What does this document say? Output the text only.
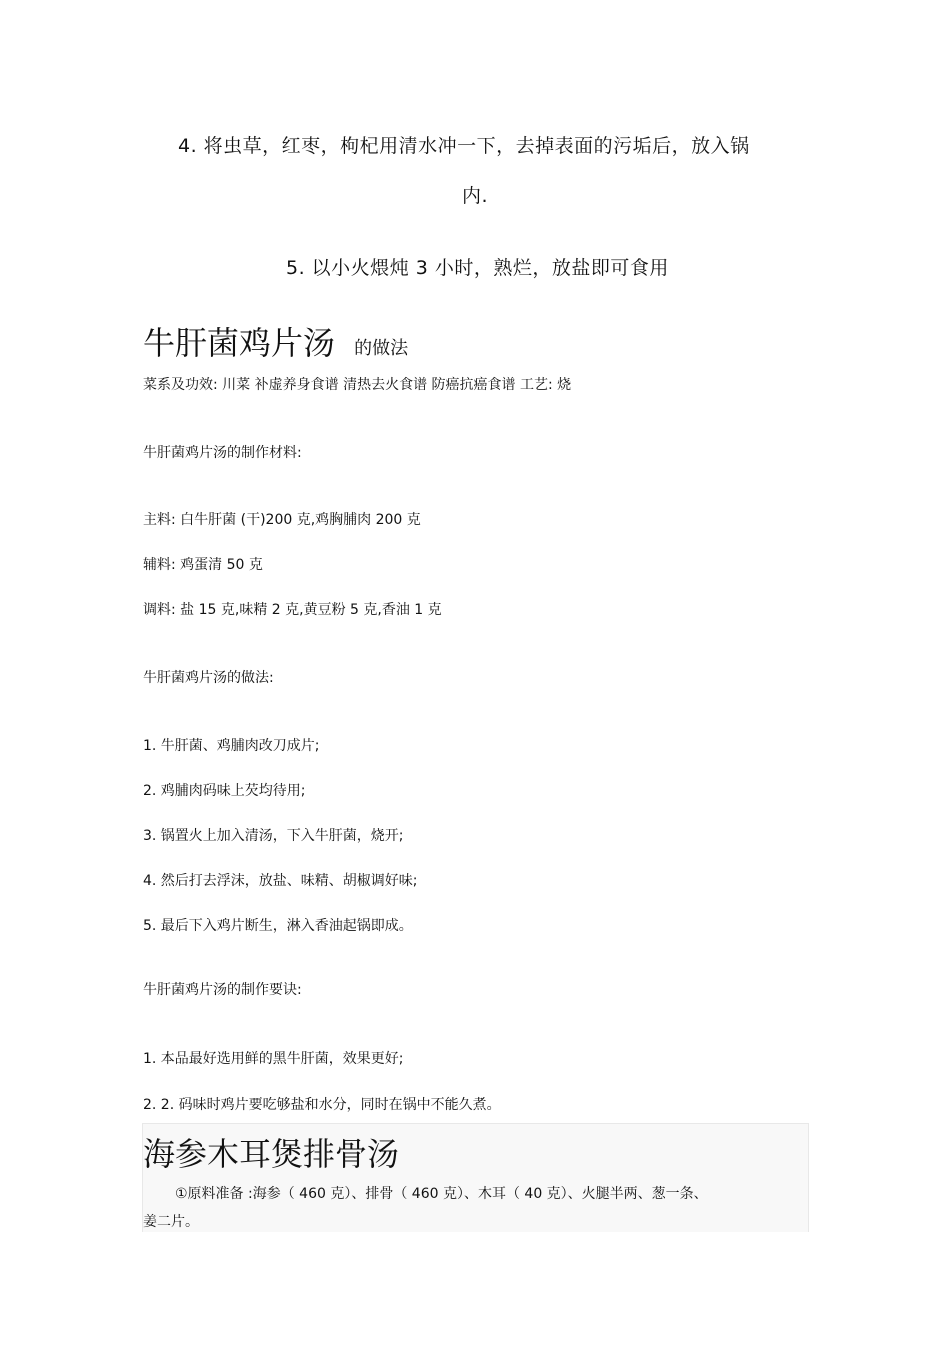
4. 将虫草，红枣，枸杞用清水冲一下，去掉表面的污垢后，放入锅
内.
5. 以小火煨炖 3 小时，熟烂，放盐即可食用
牛肝菌鸡片汤 的做法
菜系及功效: 川菜 补虚养身食谱 清热去火食谱 防癌抗癌食谱 工艺: 烧
牛肝菌鸡片汤的制作材料:
主料: 白牛肝菌 (干)200 克,鸡胸脯肉 200 克
辅料: 鸡蛋清 50 克
调料: 盐 15 克,味精 2 克,黄豆粉 5 克,香油 1 克
牛肝菌鸡片汤的做法:
1. 牛肝菌、鸡脯肉改刀成片;
2. 鸡脯肉码味上芡均待用;
3. 锅置火上加入清汤，下入牛肝菌，烧开;
4. 然后打去浮沫，放盐、味精、胡椒调好味;
5. 最后下入鸡片断生，淋入香油起锅即成。
牛肝菌鸡片汤的制作要诀:
1. 本品最好选用鲜的黑牛肝菌，效果更好;
2. 2. 码味时鸡片要吃够盐和水分，同时在锅中不能久煮。
海参木耳煲排骨汤
①原料准备 :海参（ 460 克）、排骨（ 460 克）、木耳（ 40 克）、火腿半两、葱一条、
姜二片。
